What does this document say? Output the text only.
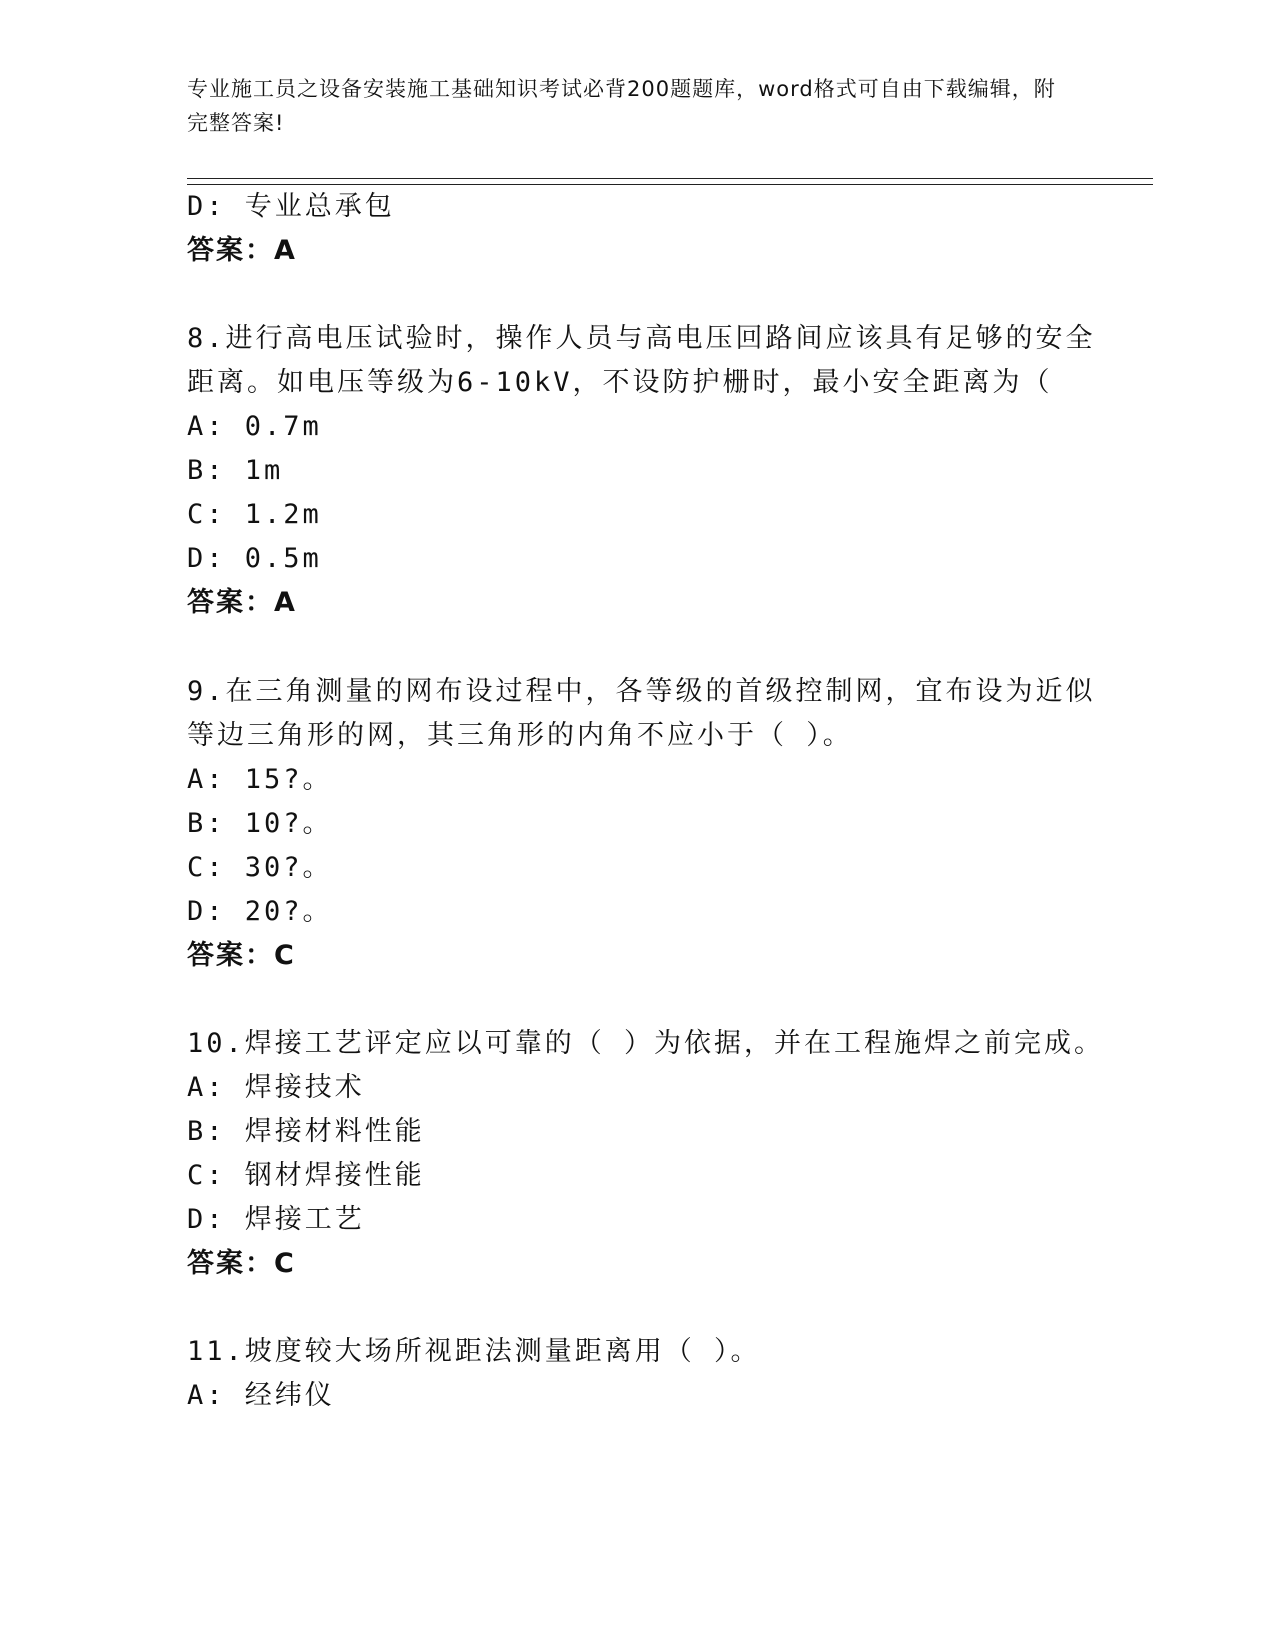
专业施工员之设备安装施工基础知识考试必背200题题库，word格式可自由下载编辑，附完整答案!
D: 专业总承包
答案：A
8.进行高电压试验时，操作人员与高电压回路间应该具有足够的安全
距离。如电压等级为6-10kV，不设防护栅时，最小安全距离为（
A: 0.7m
B: 1m
C: 1.2m
D: 0.5m
答案：A
9.在三角测量的网布设过程中，各等级的首级控制网，宜布设为近似
等边三角形的网，其三角形的内角不应小于（ ）。
A: 15?。
B: 10?。
C: 30?。
D: 20?。
答案：C
10.焊接工艺评定应以可靠的（ ）为依据，并在工程施焊之前完成。
A: 焊接技术
B: 焊接材料性能
C: 钢材焊接性能
D: 焊接工艺
答案：C
11.坡度较大场所视距法测量距离用（ ）。
A: 经纬仪
